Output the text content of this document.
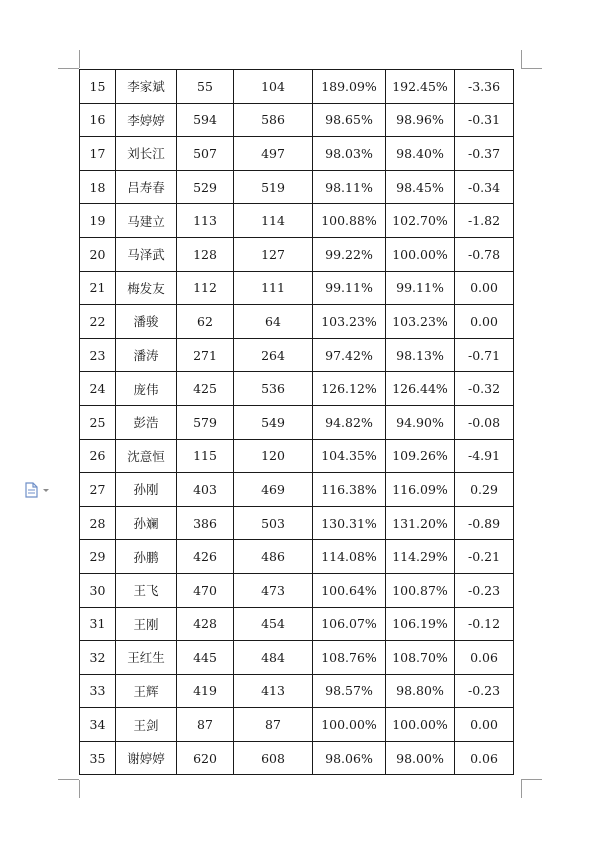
15	李家斌	55	104	189.09%	192.45%	-3.36
16	李婷婷	594	586	98.65%	98.96%	-0.31
17	刘长江	507	497	98.03%	98.40%	-0.37
18	吕寿春	529	519	98.11%	98.45%	-0.34
19	马建立	113	114	100.88%	102.70%	-1.82
20	马泽武	128	127	99.22%	100.00%	-0.78
21	梅发友	112	111	99.11%	99.11%	0.00
22	潘骏	62	64	103.23%	103.23%	0.00
23	潘涛	271	264	97.42%	98.13%	-0.71
24	庞伟	425	536	126.12%	126.44%	-0.32
25	彭浩	579	549	94.82%	94.90%	-0.08
26	沈意恒	115	120	104.35%	109.26%	-4.91
27	孙刚	403	469	116.38%	116.09%	0.29
28	孙斓	386	503	130.31%	131.20%	-0.89
29	孙鹏	426	486	114.08%	114.29%	-0.21
30	王飞	470	473	100.64%	100.87%	-0.23
31	王刚	428	454	106.07%	106.19%	-0.12
32	王红生	445	484	108.76%	108.70%	0.06
33	王辉	419	413	98.57%	98.80%	-0.23
34	王剑	87	87	100.00%	100.00%	0.00
35	谢婷婷	620	608	98.06%	98.00%	0.06
